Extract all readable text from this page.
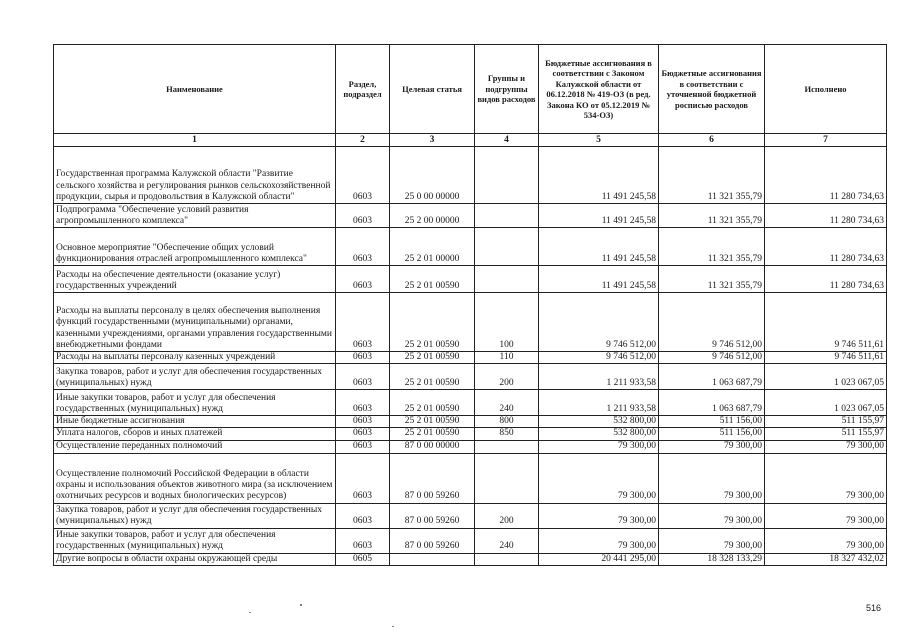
Наименование	Раздел, подраздел	Целевая статья	Группы и подгруппы видов расходов	Бюджетные ассигнования в соответствии с Законом Калужской области от 06.12.2018 № 419-ОЗ (в ред. Закона КО от 05.12.2019 № 534-ОЗ)	Бюджетные ассигнования в соответствии с уточненной бюджетной росписью расходов	Исполнено
1	2	3	4	5	6	7
Государственная программа Калужской области "Развитие сельского хозяйства и регулирования рынков сельскохозяйственной продукции, сырья и продовольствия в Калужской области"	0603	25 0 00 00000		11 491 245,58	11 321 355,79	11 280 734,63
Подпрограмма "Обеспечение условий развития агропромышленного комплекса"	0603	25 2 00 00000		11 491 245,58	11 321 355,79	11 280 734,63
Основное мероприятие "Обеспечение общих условий функционирования отраслей агропромышленного комплекса"	0603	25 2 01 00000		11 491 245,58	11 321 355,79	11 280 734,63
Расходы на обеспечение деятельности (оказание услуг) государственных учреждений	0603	25 2 01 00590		11 491 245,58	11 321 355,79	11 280 734,63
Расходы на выплаты персоналу в целях обеспечения выполнения функций государственными (муниципальными) органами, казенными учреждениями, органами управления государственными внебюджетными фондами	0603	25 2 01 00590	100	9 746 512,00	9 746 512,00	9 746 511,61
Расходы на выплаты персоналу казенных учреждений	0603	25 2 01 00590	110	9 746 512,00	9 746 512,00	9 746 511,61
Закупка товаров, работ и услуг для обеспечения государственных (муниципальных) нужд	0603	25 2 01 00590	200	1 211 933,58	1 063 687,79	1 023 067,05
Иные закупки товаров, работ и услуг для обеспечения государственных (муниципальных) нужд	0603	25 2 01 00590	240	1 211 933,58	1 063 687,79	1 023 067,05
Иные бюджетные ассигнования	0603	25 2 01 00590	800	532 800,00	511 156,00	511 155,97
Уплата налогов, сборов и иных платежей	0603	25 2 01 00590	850	532 800,00	511 156,00	511 155,97
Осуществление переданных полномочий	0603	87 0 00 00000		79 300,00	79 300,00	79 300,00
Осуществление полномочий Российской Федерации в области охраны и использования объектов животного мира (за исключением охотничьих ресурсов и водных биологических ресурсов)	0603	87 0 00 59260		79 300,00	79 300,00	79 300,00
Закупка товаров, работ и услуг для обеспечения государственных (муниципальных) нужд	0603	87 0 00 59260	200	79 300,00	79 300,00	79 300,00
Иные закупки товаров, работ и услуг для обеспечения государственных (муниципальных) нужд	0603	87 0 00 59260	240	79 300,00	79 300,00	79 300,00
Другие вопросы в области охраны окружающей среды	0605			20 441 295,00	18 328 133,29	18 327 432,02
516
